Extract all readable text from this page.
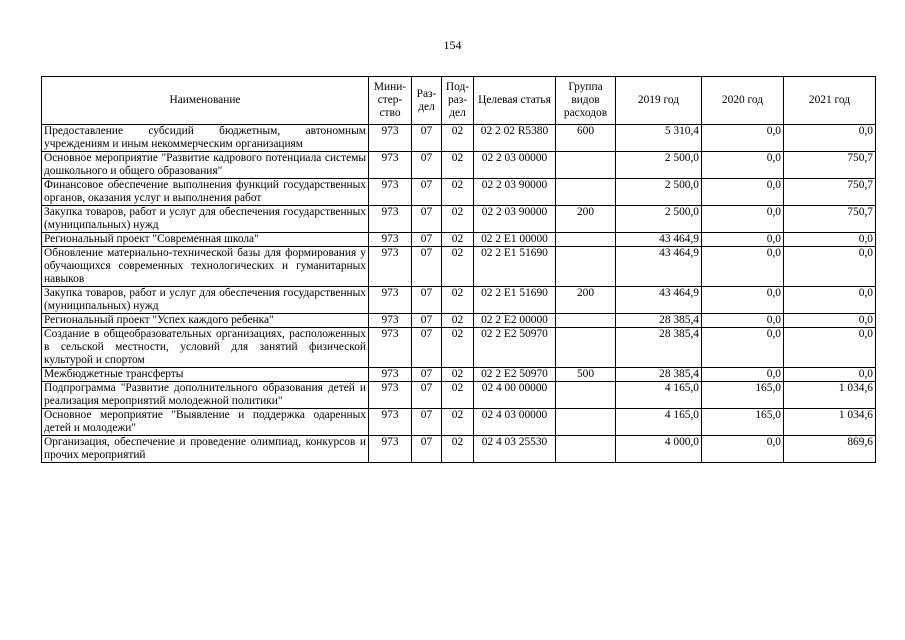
154
Наименование	Мини-стер-ство	Раз-дел	Под-раз-дел	Целевая статья	Группа видов расходов	2019 год	2020 год	2021 год
Предоставление субсидий бюджетным, автономным учреждениям и иным некоммерческим организациям	973	07	02	02 2 02 R5380	600	5 310,4	0,0	0,0
Основное мероприятие "Развитие кадрового потенциала системы дошкольного и общего образования"	973	07	02	02 2 03 00000		2 500,0	0,0	750,7
Финансовое обеспечение выполнения функций государственных органов, оказания услуг и выполнения работ	973	07	02	02 2 03 90000		2 500,0	0,0	750,7
Закупка товаров, работ и услуг для обеспечения государственных (муниципальных) нужд	973	07	02	02 2 03 90000	200	2 500,0	0,0	750,7
Региональный проект "Современная школа"	973	07	02	02 2 E1 00000		43 464,9	0,0	0,0
Обновление материально-технической базы для формирования у обучающихся современных технологических и гуманитарных навыков	973	07	02	02 2 E1 51690		43 464,9	0,0	0,0
Закупка товаров, работ и услуг для обеспечения государственных (муниципальных) нужд	973	07	02	02 2 E1 51690	200	43 464,9	0,0	0,0
Региональный проект "Успех каждого ребенка"	973	07	02	02 2 E2 00000		28 385,4	0,0	0,0
Создание в общеобразовательных организациях, расположенных в сельской местности, условий для занятий физической культурой и спортом	973	07	02	02 2 E2 50970		28 385,4	0,0	0,0
Межбюджетные трансферты	973	07	02	02 2 E2 50970	500	28 385,4	0,0	0,0
Подпрограмма "Развитие дополнительного образования детей и реализация мероприятий молодежной политики"	973	07	02	02 4 00 00000		4 165,0	165,0	1 034,6
Основное мероприятие "Выявление и поддержка одаренных детей и молодежи"	973	07	02	02 4 03 00000		4 165,0	165,0	1 034,6
Организация, обеспечение и проведение олимпиад, конкурсов и прочих мероприятий	973	07	02	02 4 03 25530		4 000,0	0,0	869,6
